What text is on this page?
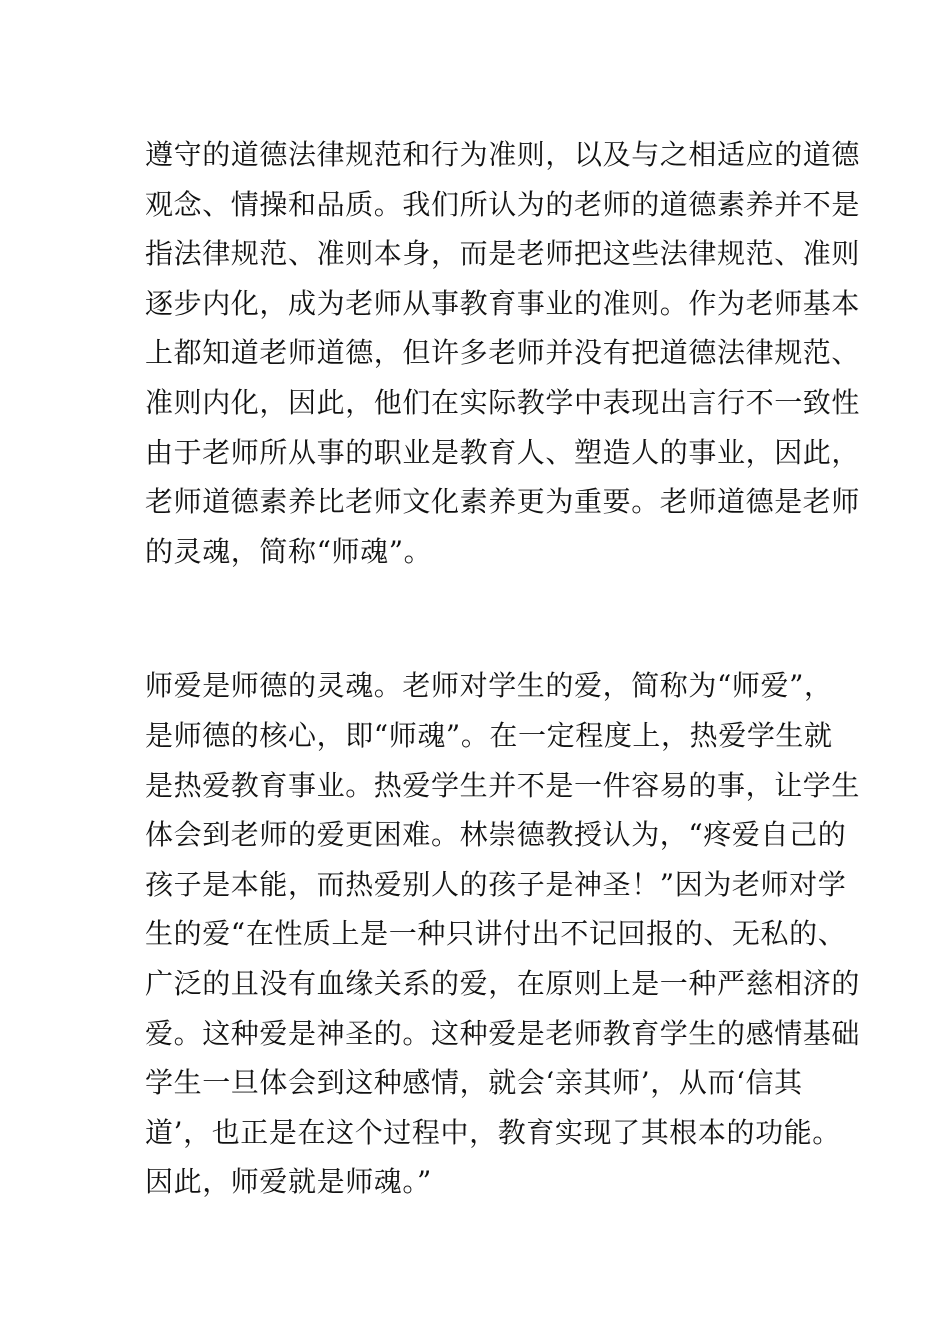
遵守的道德法律规范和行为准则，以及与之相适应的道德
观念、情操和品质。我们所认为的老师的道德素养并不是
指法律规范、准则本身，而是老师把这些法律规范、准则
逐步内化，成为老师从事教育事业的准则。作为老师基本
上都知道老师道德，但许多老师并没有把道德法律规范、
准则内化，因此，他们在实际教学中表现出言行不一致性
由于老师所从事的职业是教育人、塑造人的事业，因此，
老师道德素养比老师文化素养更为重要。老师道德是老师
的灵魂，简称“师魂”。
师爱是师德的灵魂。老师对学生的爱，简称为“师爱”，
是师德的核心，即“师魂”。在一定程度上，热爱学生就
是热爱教育事业。热爱学生并不是一件容易的事，让学生
体会到老师的爱更困难。林崇德教授认为，“疼爱自己的
孩子是本能，而热爱别人的孩子是神圣！”因为老师对学
生的爱“在性质上是一种只讲付出不记回报的、无私的、
广泛的且没有血缘关系的爱，在原则上是一种严慈相济的
爱。这种爱是神圣的。这种爱是老师教育学生的感情基础
学生一旦体会到这种感情，就会‘亲其师’，从而‘信其
道’，也正是在这个过程中，教育实现了其根本的功能。
因此，师爱就是师魂。”
